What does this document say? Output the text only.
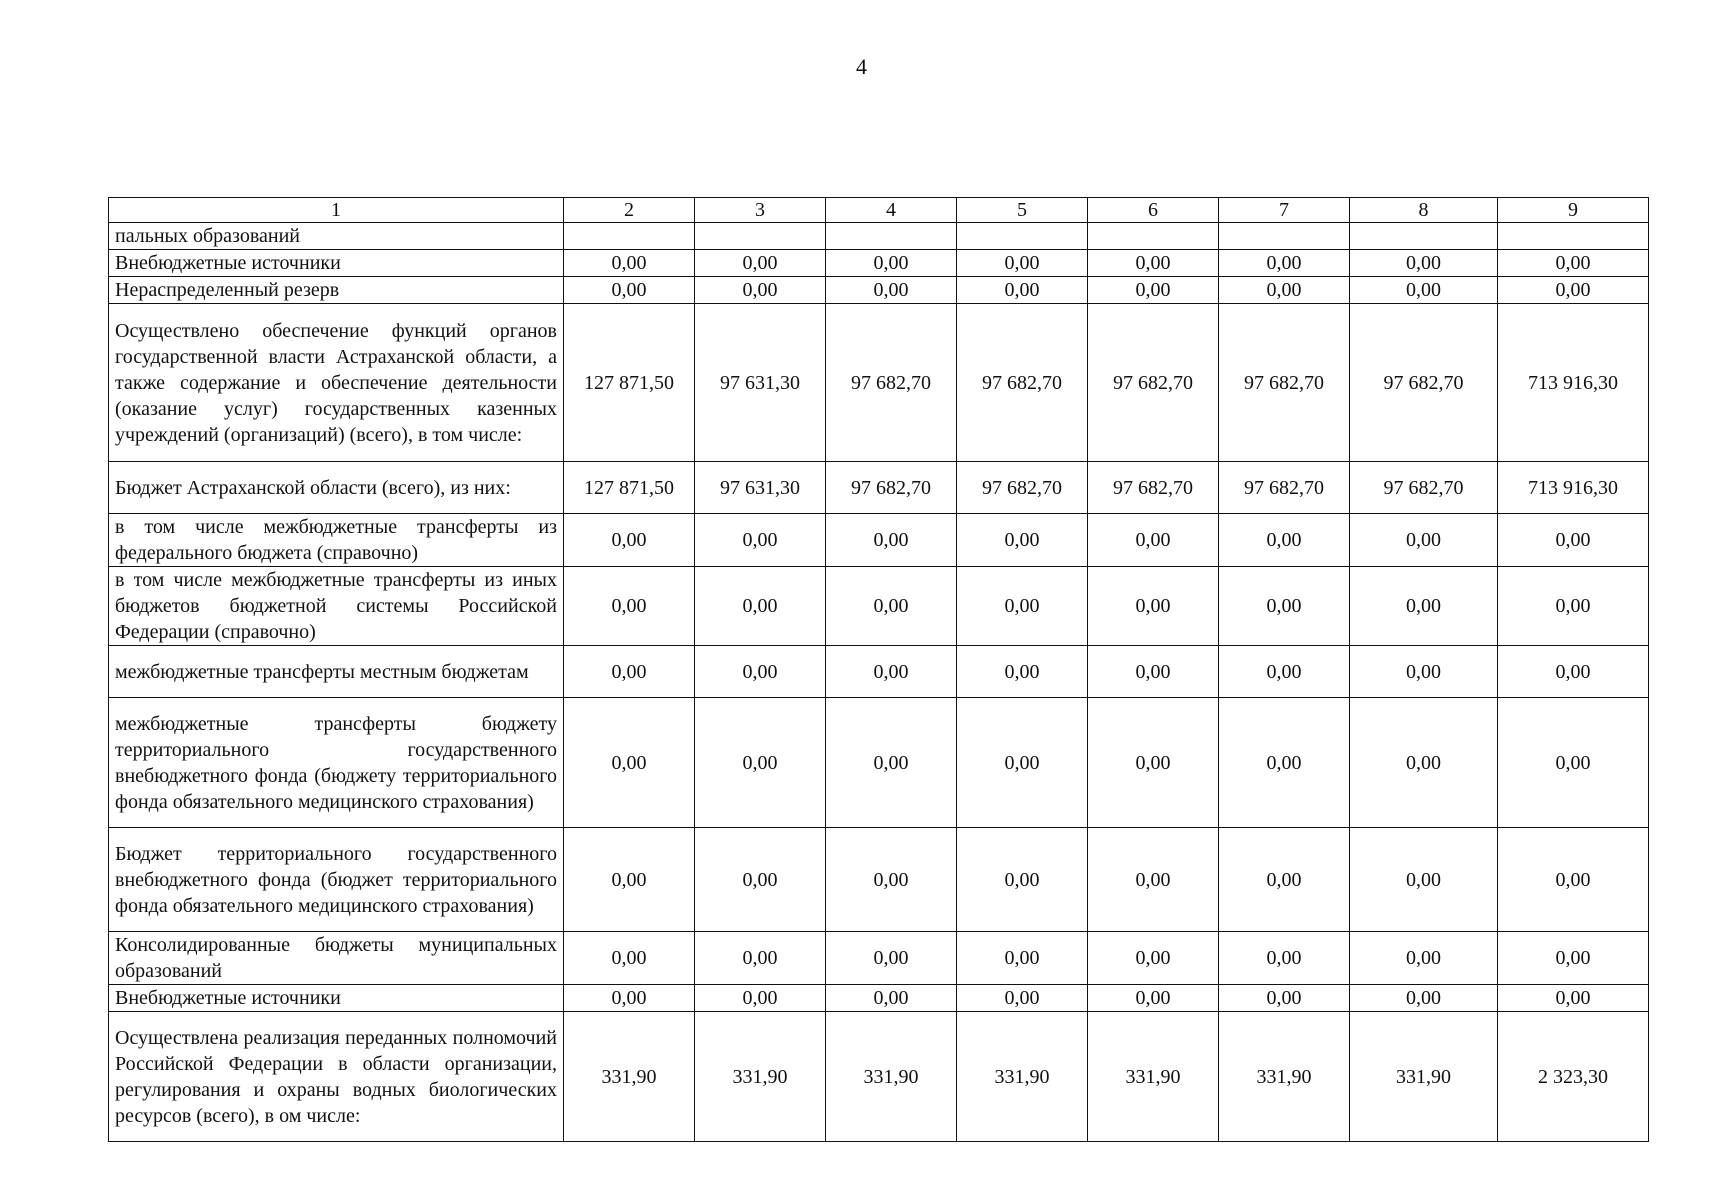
4
1	2	3	4	5	6	7	8	9
пальных образований								
Внебюджетные источники	0,00	0,00	0,00	0,00	0,00	0,00	0,00	0,00
Нераспределенный резерв	0,00	0,00	0,00	0,00	0,00	0,00	0,00	0,00
Осуществлено обеспечение функций органов государственной власти Астраханской области, а также содержание и обеспечение деятельности (оказание услуг) государственных казенных учреждений (организаций) (всего), в том числе:	127 871,50	97 631,30	97 682,70	97 682,70	97 682,70	97 682,70	97 682,70	713 916,30
Бюджет Астраханской области (всего), из них:	127 871,50	97 631,30	97 682,70	97 682,70	97 682,70	97 682,70	97 682,70	713 916,30
в том числе межбюджетные трансферты из федерального бюджета (справочно)	0,00	0,00	0,00	0,00	0,00	0,00	0,00	0,00
в том числе межбюджетные трансферты из иных бюджетов бюджетной системы Российской Федерации (справочно)	0,00	0,00	0,00	0,00	0,00	0,00	0,00	0,00
межбюджетные трансферты местным бюджетам	0,00	0,00	0,00	0,00	0,00	0,00	0,00	0,00
межбюджетные трансферты бюджету территориального государственного внебюджетного фонда (бюджету территориального фонда обязательного медицинского страхования)	0,00	0,00	0,00	0,00	0,00	0,00	0,00	0,00
Бюджет территориального государственного внебюджетного фонда (бюджет территориального фонда обязательного медицинского страхования)	0,00	0,00	0,00	0,00	0,00	0,00	0,00	0,00
Консолидированные бюджеты муниципальных образований	0,00	0,00	0,00	0,00	0,00	0,00	0,00	0,00
Внебюджетные источники	0,00	0,00	0,00	0,00	0,00	0,00	0,00	0,00
Осуществлена реализация переданных полномочий Российской Федерации в области организации, регулирования и охраны водных биологических ресурсов (всего), в ом числе:	331,90	331,90	331,90	331,90	331,90	331,90	331,90	2 323,30
